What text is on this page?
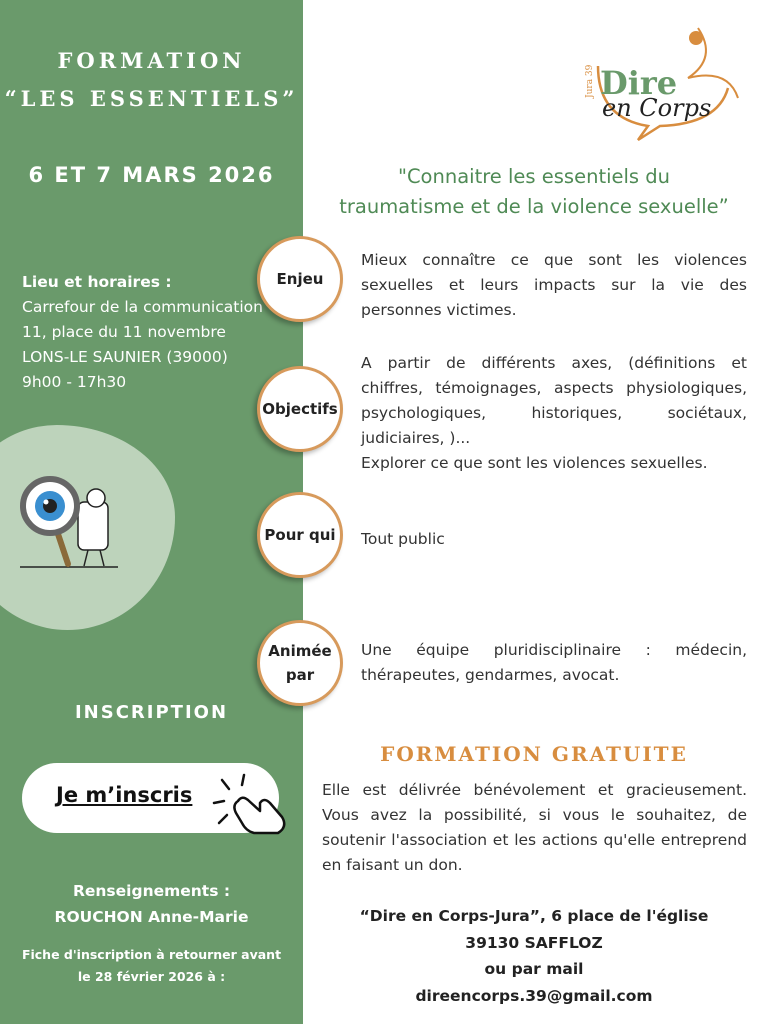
FORMATION
“LES ESSENTIELS”
6 ET 7 MARS 2026
Lieu et horaires :
Carrefour de la communication
11, place du 11 novembre
LONS-LE SAUNIER (39000)
9h00 - 17h30
INSCRIPTION
Je m’inscris
Renseignements :
ROUCHON Anne-Marie
Fiche d'inscription à retourner avant
le 28 février 2026 à :
Jura 39 Dire
en Corps
"Connaitre les essentiels du
traumatisme et de la violence sexuelle”
Enjeu
Mieux connaître ce que sont les violences sexuelles et leurs impacts sur la vie des personnes victimes.
Objectifs
A partir de différents axes, (définitions et chiffres, témoignages, aspects physiologiques, psychologiques, historiques, sociétaux, judiciaires, )...
Explorer ce que sont les violences sexuelles.
Pour qui	Tout public
Animée
par
Une équipe pluridisciplinaire : médecin, thérapeutes, gendarmes, avocat.
FORMATION GRATUITE
Elle est délivrée bénévolement et gracieusement. Vous avez la possibilité, si vous le souhaitez, de soutenir l'association et les actions qu'elle entreprend en faisant un don.
“Dire en Corps-Jura”, 6 place de l'église
39130 SAFFLOZ
ou par mail
direencorps.39@gmail.com
